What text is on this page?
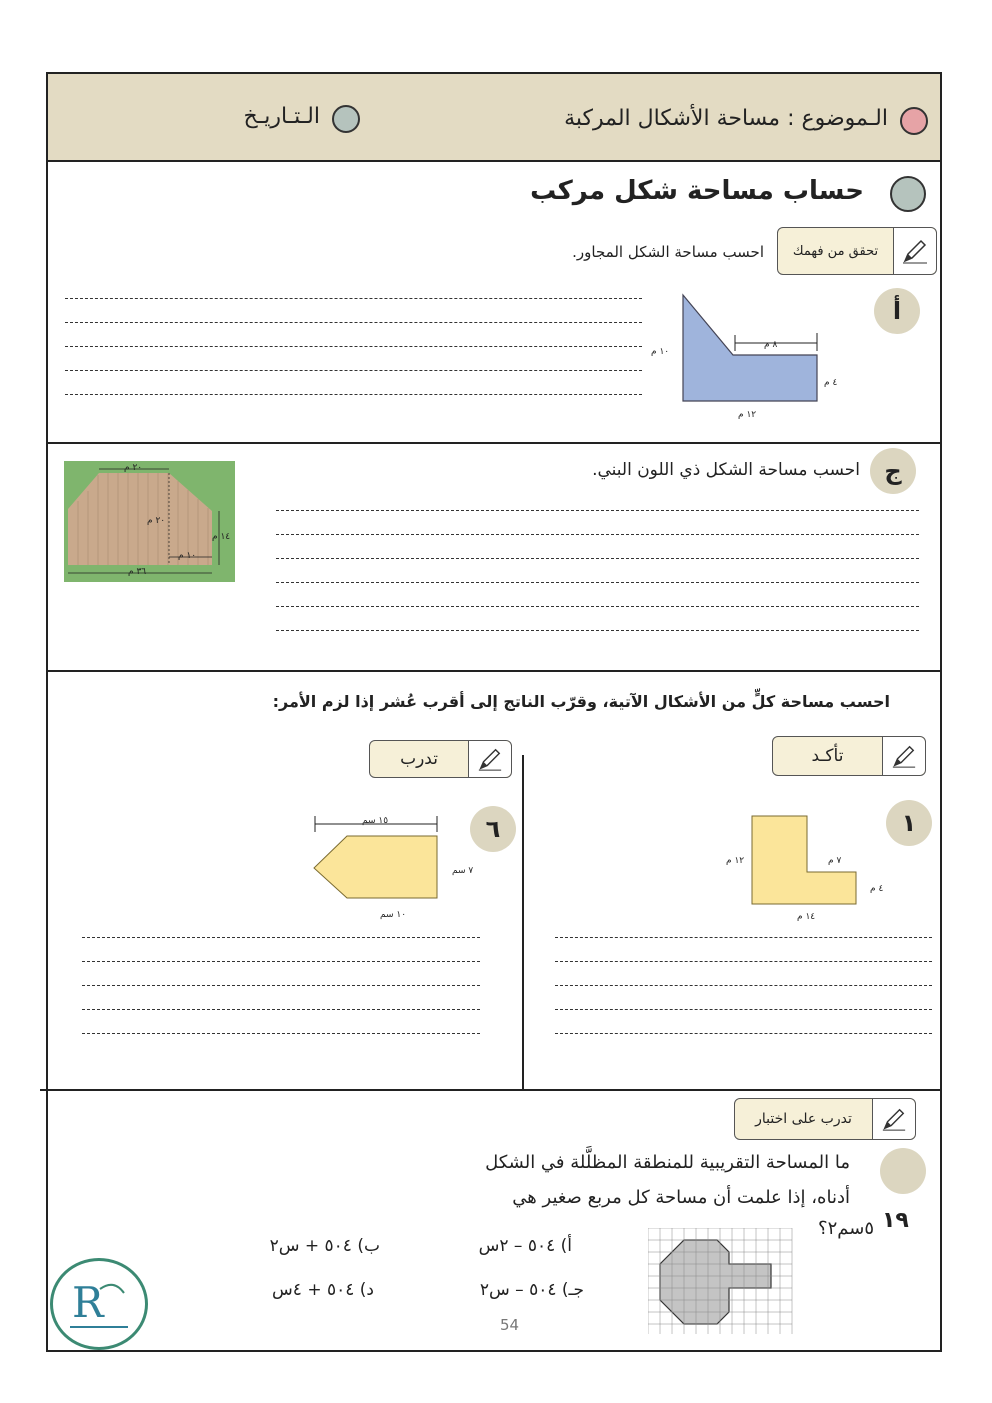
الـموضوع : مساحة الأشكال المركبة
الـتـاريـخ
حساب مساحة شكل مركب
تحقق من فهمك
احسب مساحة الشكل المجاور.
أ
٨ م
١٠ م
٤ م
١٢ م
ج
احسب مساحة الشكل ذي اللون البني.
٢٠ م
٢٠ م
١٤ م
١٠ م
٣٦ م
احسب مساحة كلٍّ من الأشكال الآتية، وقرّب الناتج إلى أقرب عُشر إذا لزم الأمر:
تأكـد
تدرب
١
١٢ م	٧ م
٤ م
١٤ م
٦
١٥ سم
٧ سم
١٠ سم
تدرب على اختبار
١٩
ما المساحة التقريبية للمنطقة المظلَّلة في الشكل
أدناه، إذا علمت أن مساحة كل مربع صغير هي
٥سم٢؟
أ) ٥٠٤ – ٢س
ب) ٥٠٤ + س٢
جـ) ٥٠٤ – س٢
د) ٥٠٤ + ٤س
R	54
